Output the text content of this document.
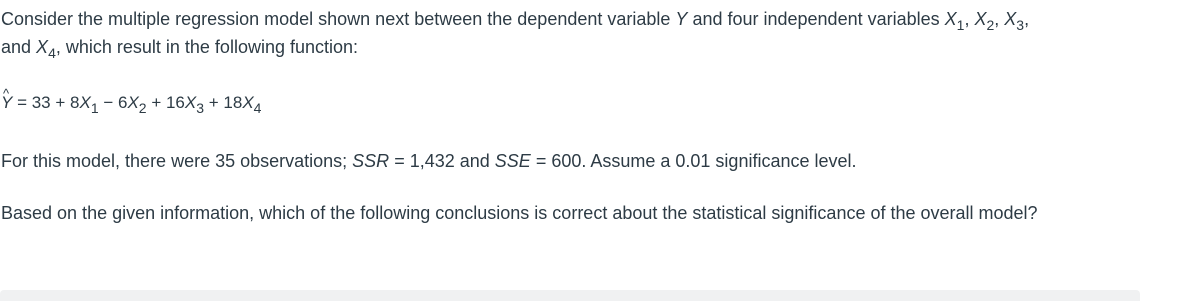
Consider the multiple regression model shown next between the dependent variable Y and four independent variables $X_1$, $X_2$, $X_3$,
and $X_4$, which result in the following function:
^ $Y = 33 + 8X_1 - 6X_2 + 16X_3 + 18X_4$
For this model, there were 35 observations; SSR = 1,432 and SSE = 600. Assume a 0.01 significance level.
Based on the given information, which of the following conclusions is correct about the statistical significance of the overall model?
